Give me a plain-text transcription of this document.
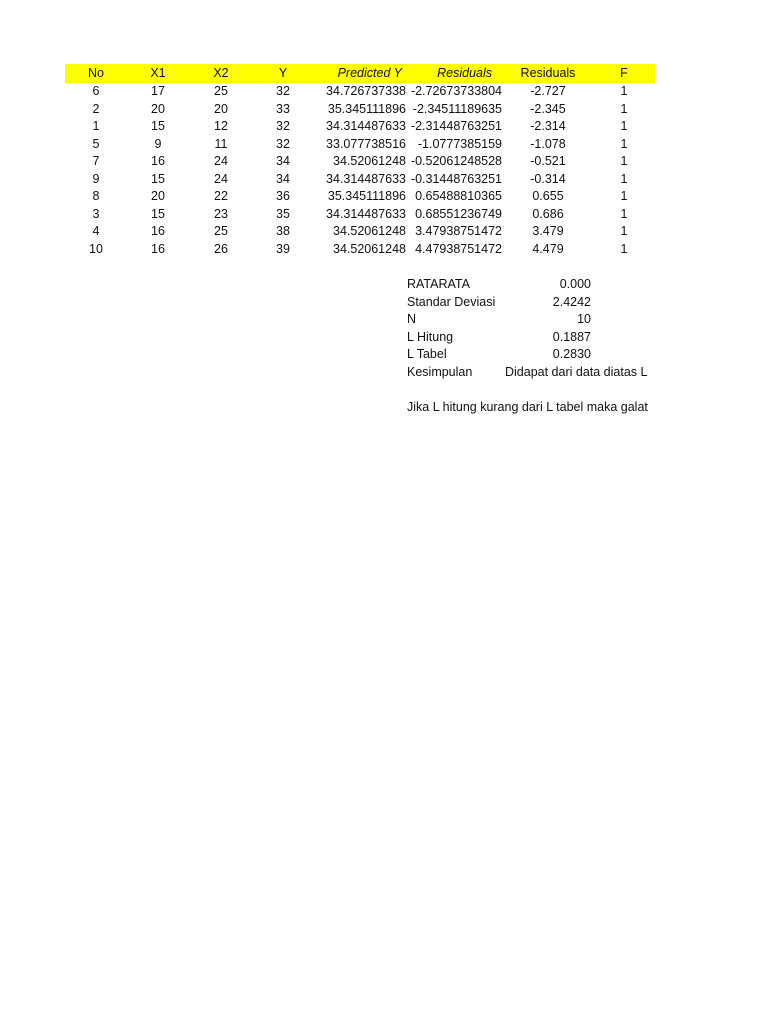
No	X1	X2	Y	Predicted Y	Residuals	Residuals	F
6	17	25	32	34.726737338 -2.72673733804	-2.727	1
2	20	20	33	35.345111896 -2.34511189635	-2.345	1
1	15	12	32	34.314487633 -2.31448763251	-2.314	1
5	9	11	32	33.077738516 -1.0777385159	-1.078	1
7	16	24	34	34.52061248 -0.52061248528	-0.521	1
9	15	24	34	34.314487633 -0.31448763251	-0.314	1
8	20	22	36	35.345111896 0.65488810365	0.655	1
3	15	23	35	34.314487633 0.68551236749	0.686	1
4	16	25	38	34.52061248 3.47938751472	3.479	1
10	16	26	39	34.52061248 4.47938751472	4.479	1
RATARATA	0.000
Standar Deviasi	2.4242
N	10
L Hitung	0.1887
L Tabel	0.2830
Kesimpulan	Didapat dari data diatas L
Jika L hitung kurang dari L tabel maka galat
